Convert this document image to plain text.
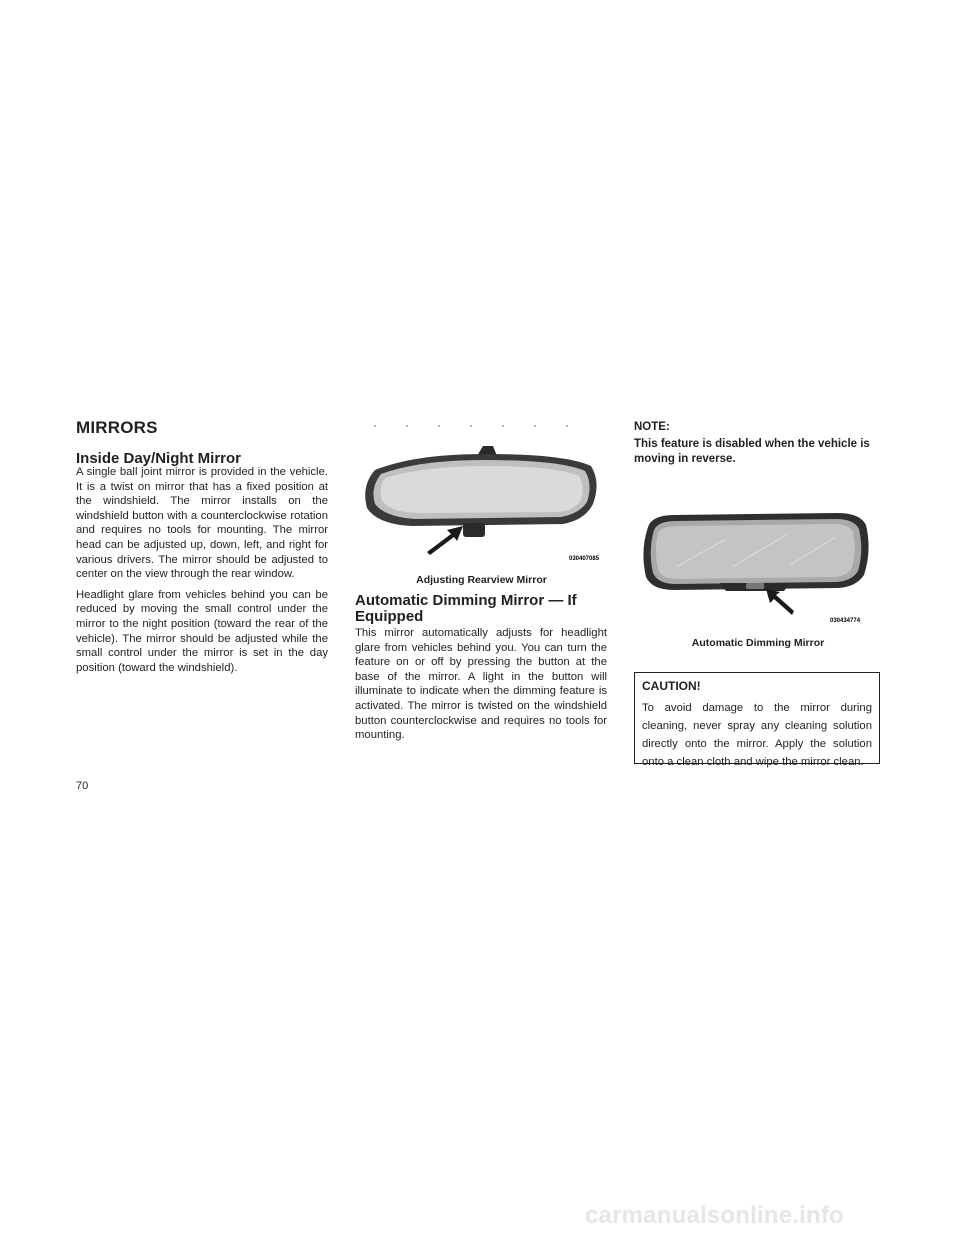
MIRRORS
Inside Day/Night Mirror

A single ball joint mirror is provided in the vehicle. It is a twist on mirror that has a fixed position at the windshield. The mirror installs on the windshield button with a counterclockwise rotation and requires no tools for mounting. The mirror head can be adjusted up, down, left, and right for various drivers. The mirror should be adjusted to center on the view through the rear window.

Headlight glare from vehicles behind you can be reduced by moving the small control under the mirror to the night position (toward the rear of the vehicle). The mirror should be adjusted while the small control under the mirror is set in the day position (toward the windshield).

030407085
Adjusting Rearview Mirror
Automatic Dimming Mirror — If
Equipped

This mirror automatically adjusts for headlight glare from vehicles behind you. You can turn the feature on or off by pressing the button at the base of the mirror. A light in the button will illuminate to indicate when the dimming feature is activated. The mirror is twisted on the windshield button counterclockwise and requires no tools for mounting.

NOTE:
This feature is disabled when the vehicle is moving in reverse.
030434774
Automatic Dimming Mirror
CAUTION!
To avoid damage to the mirror during cleaning, never spray any cleaning solution directly onto the mirror. Apply the solution onto a clean cloth and wipe the mirror clean.
70
carmanualsonline.info
